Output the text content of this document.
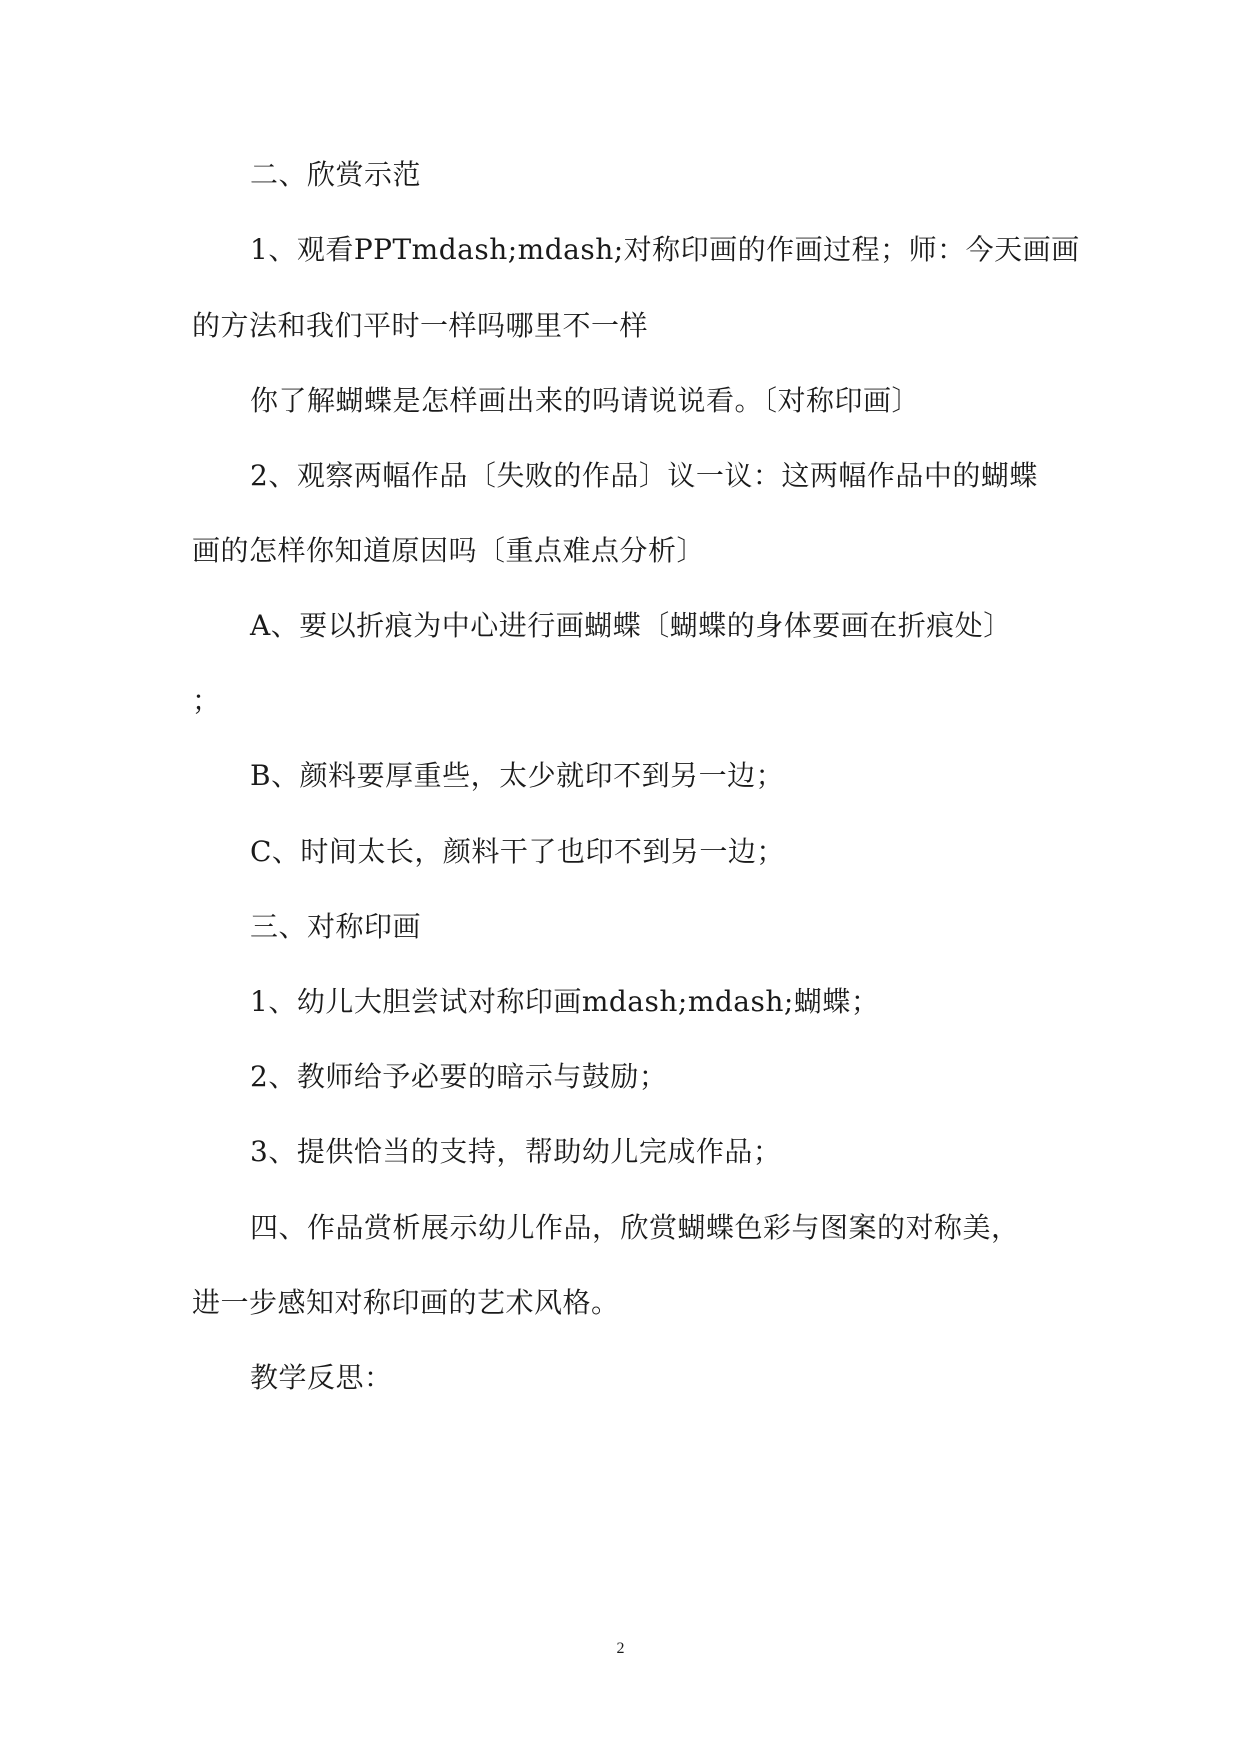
二、欣赏示范
1、观看PPTmdash;mdash;对称印画的作画过程；师：今天画画
的方法和我们平时一样吗哪里不一样
你了解蝴蝶是怎样画出来的吗请说说看。〔对称印画〕
2、观察两幅作品〔失败的作品〕议一议：这两幅作品中的蝴蝶
画的怎样你知道原因吗〔重点难点分析〕
A、要以折痕为中心进行画蝴蝶〔蝴蝶的身体要画在折痕处〕
；
B、颜料要厚重些，太少就印不到另一边；
C、时间太长，颜料干了也印不到另一边；
三、对称印画
1、幼儿大胆尝试对称印画mdash;mdash;蝴蝶；
2、教师给予必要的暗示与鼓励；
3、提供恰当的支持，帮助幼儿完成作品；
四、作品赏析展示幼儿作品，欣赏蝴蝶色彩与图案的对称美，
进一步感知对称印画的艺术风格。
教学反思：
2
